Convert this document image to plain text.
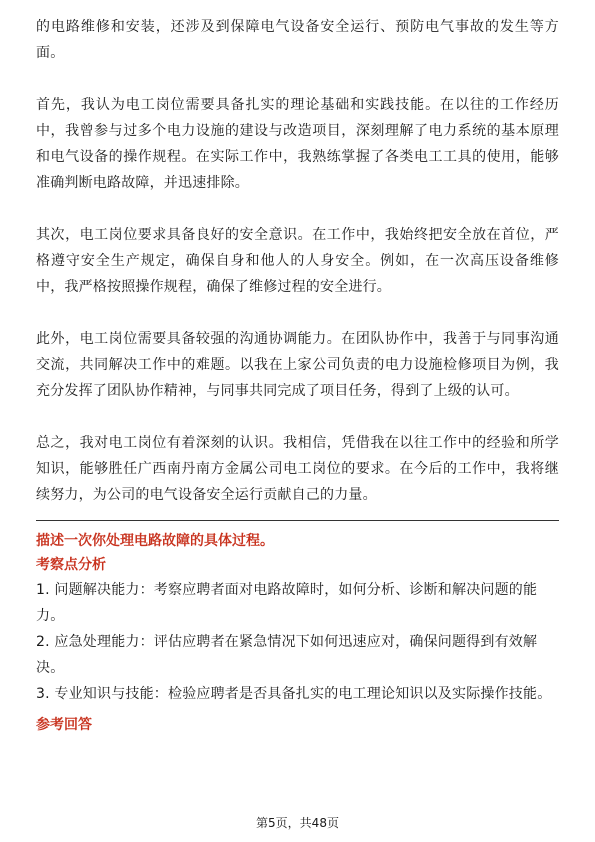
的电路维修和安装，还涉及到保障电气设备安全运行、预防电气事故的发生等方面。

首先，我认为电工岗位需要具备扎实的理论基础和实践技能。在以往的工作经历中，我曾参与过多个电力设施的建设与改造项目，深刻理解了电力系统的基本原理和电气设备的操作规程。在实际工作中，我熟练掌握了各类电工工具的使用，能够准确判断电路故障，并迅速排除。

其次，电工岗位要求具备良好的安全意识。在工作中，我始终把安全放在首位，严格遵守安全生产规定，确保自身和他人的人身安全。例如，在一次高压设备维修中，我严格按照操作规程，确保了维修过程的安全进行。

此外，电工岗位需要具备较强的沟通协调能力。在团队协作中，我善于与同事沟通交流，共同解决工作中的难题。以我在上家公司负责的电力设施检修项目为例，我充分发挥了团队协作精神，与同事共同完成了项目任务，得到了上级的认可。

总之，我对电工岗位有着深刻的认识。我相信，凭借我在以往工作中的经验和所学知识，能够胜任广西南丹南方金属公司电工岗位的要求。在今后的工作中，我将继续努力，为公司的电气设备安全运行贡献自己的力量。

描述一次你处理电路故障的具体过程。

考察点分析

1. 问题解决能力：考察应聘者面对电路故障时，如何分析、诊断和解决问题的能力。

2. 应急处理能力：评估应聘者在紧急情况下如何迅速应对，确保问题得到有效解决。

3. 专业知识与技能：检验应聘者是否具备扎实的电工理论知识以及实际操作技能。

参考回答

第5页，共48页
